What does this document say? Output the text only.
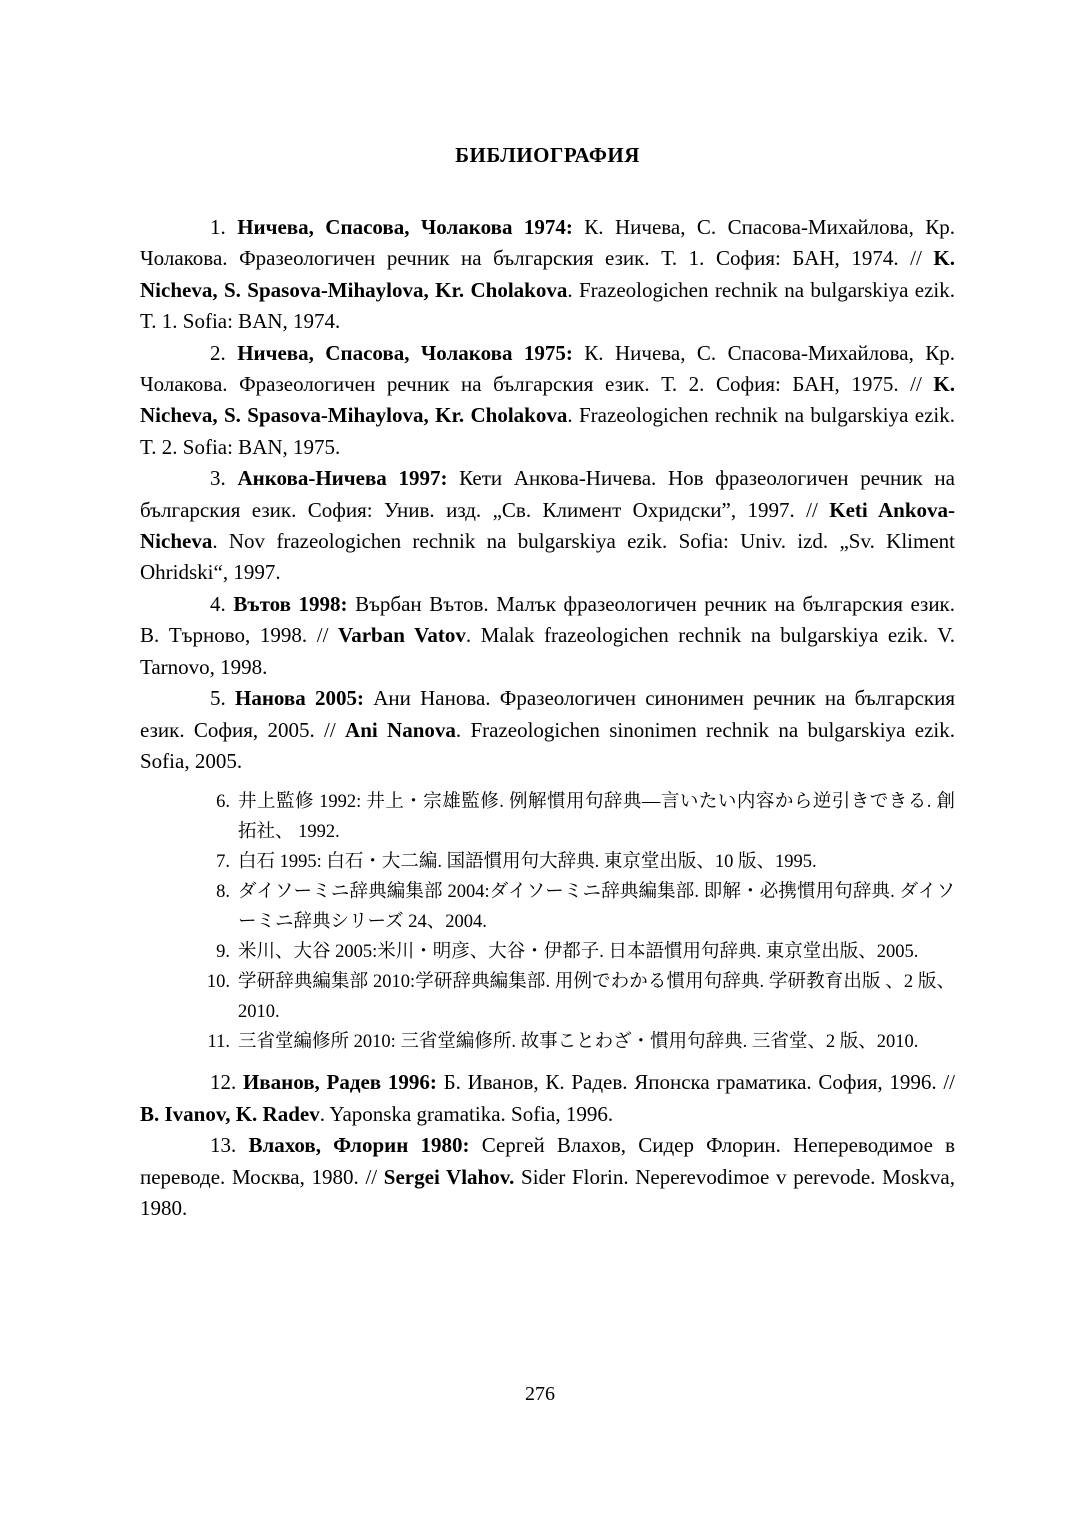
БИБЛИОГРАФИЯ

1. Ничева, Спасова, Чолакова 1974: К. Ничева, С. Спасова-Михайлова, Кр. Чолакова. Фразеологичен речник на българския език. Т. 1. София: БАН, 1974. // K. Nicheva, S. Spasova-Mihaylova, Kr. Cholakova. Frazeologichen rechnik na bulgarskiya ezik. T. 1. Sofia: BAN, 1974.

2. Ничева, Спасова, Чолакова 1975: К. Ничева, С. Спасова-Михайлова, Кр. Чолакова. Фразеологичен речник на българския език. Т. 2. София: БАН, 1975. // K. Nicheva, S. Spasova-Mihaylova, Kr. Cholakova. Frazeologichen rechnik na bulgarskiya ezik. T. 2. Sofia: BAN, 1975.

3. Анкова-Ничева 1997: Кети Анкова-Ничева. Нов фразеологичен речник на българския език. София: Унив. изд. „Св. Климент Охридски”, 1997. // Keti Ankova-Nicheva. Nov frazeologichen rechnik na bulgarskiya ezik. Sofia: Univ. izd. „Sv. Kliment Ohridski“, 1997.

4. Вътов 1998: Върбан Вътов. Малък фразеологичен речник на българския език. В. Търново, 1998. // Varban Vatov. Malak frazeologichen rechnik na bulgarskiya ezik. V. Tarnovo, 1998.

5. Нанова 2005: Ани Нанова. Фразеологичен синонимен речник на българския език. София, 2005. // Ani Nanova. Frazeologichen sinonimen rechnik na bulgarskiya ezik. Sofia, 2005.

6. 井上監修 1992: 井上・宗雄監修. 例解慣用句辞典—言いたい内容から逆引きできる. 創拓社、 1992.
7. 白石 1995: 白石・大二編. 国語慣用句大辞典. 東京堂出版、10 版、1995.
8. ダイソーミニ辞典編集部 2004:ダイソーミニ辞典編集部. 即解・必携慣用句辞典. ダイソーミニ辞典シリーズ 24、2004.
9. 米川、大谷 2005:米川・明彦、大谷・伊都子. 日本語慣用句辞典. 東京堂出版、2005.
10. 学研辞典編集部 2010:学研辞典編集部. 用例でわかる慣用句辞典. 学研教育出版 、2 版、2010.
11. 三省堂編修所 2010: 三省堂編修所. 故事ことわざ・慣用句辞典. 三省堂、2 版、2010.

12. Иванов, Радев 1996: Б. Иванов, К. Радев. Японска граматика. София, 1996. // B. Ivanov, K. Radev. Yaponska gramatika. Sofia, 1996.

13. Влахов, Флорин 1980: Сергей Влахов, Сидер Флорин. Непереводимое в переводе. Москва, 1980. // Sergei Vlahov. Sider Florin. Neperevodimoe v perevode. Moskva, 1980.

276
